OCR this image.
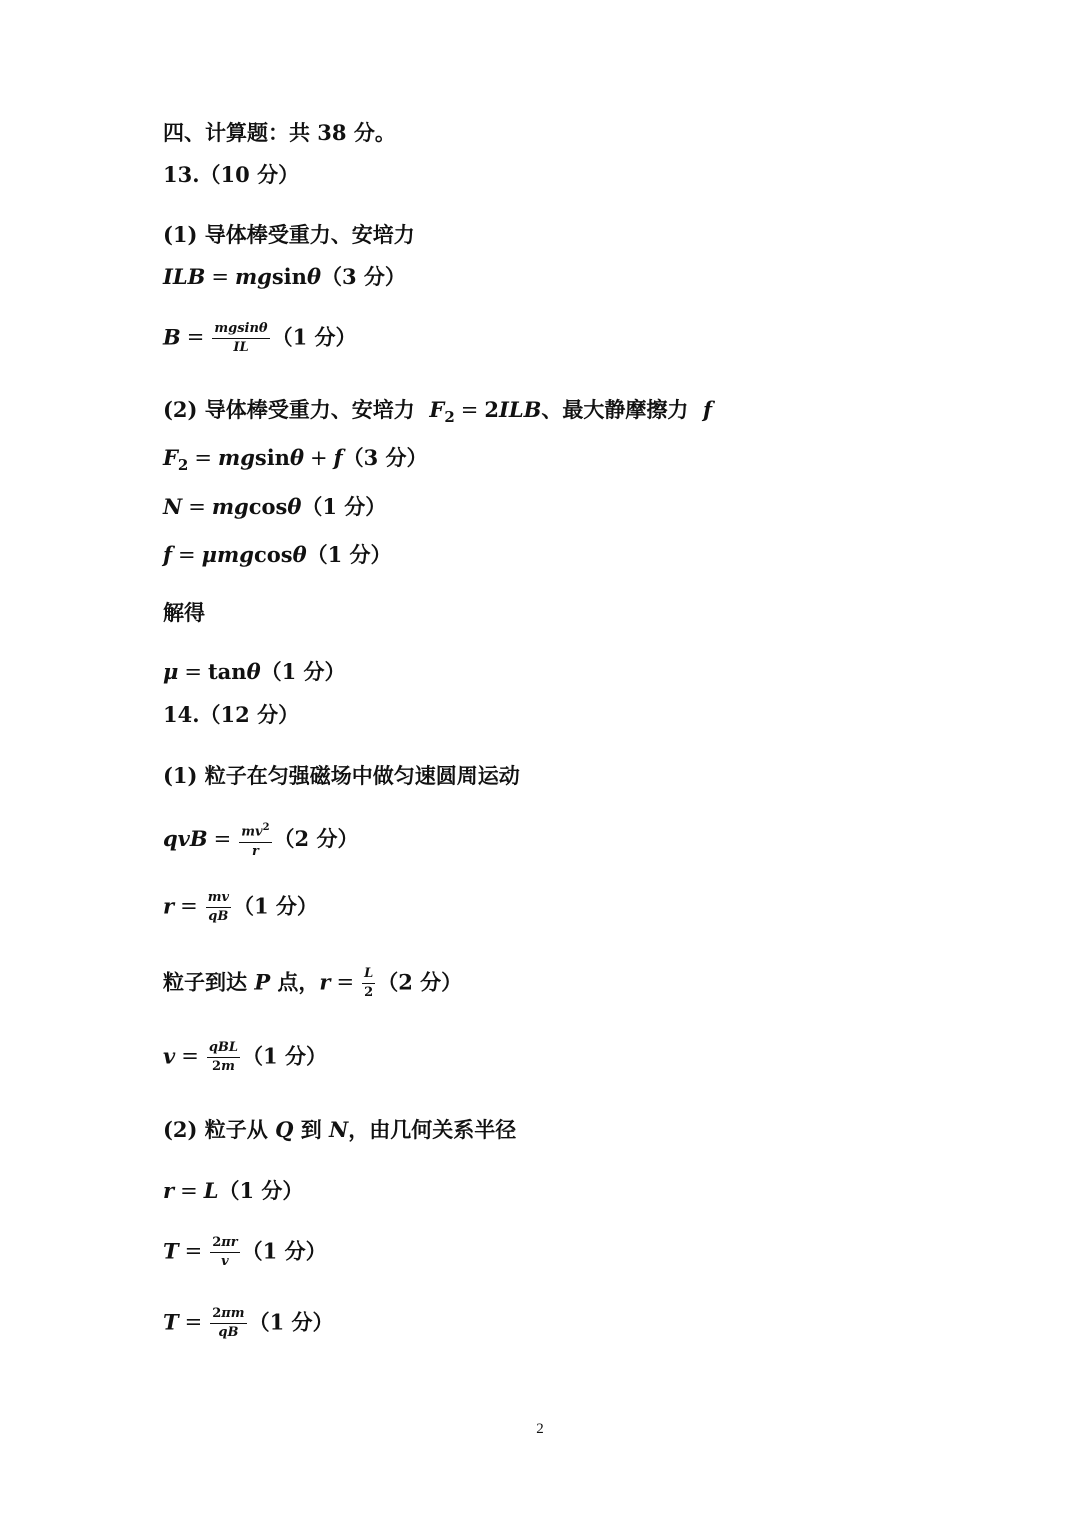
四、计算题：共 38 分。
13.（10 分）
(1) 导体棒受重力、安培力
ILB = mgsinθ（3 分）
$B = \frac{mgsin\theta}{IL} (1$ 分）
(2) 导体棒受重力、安培力 $F_2 = 2ILB$、最大静摩擦力 f
$F_2 = mgsin\theta + f(3$ 分）
N = mgcosθ（1 分）
f = μmgcosθ（1 分）
解得
μ = tanθ（1 分）
14.（12 分）
(1) 粒子在匀强磁场中做匀速圆周运动
qvB = $\frac{mv^2}{r} (2$ 分）
$r = \frac{mv}{qB} (1$ 分）
粒子到达 P 点，$r = \frac{L}{2} (2$ 分）
$v = \frac{\text{qBL}}{2m} (1$ 分）
(2) 粒子从 Q 到 N，由几何关系半径
r = L（1 分）
$T = \frac{2\pi r}{v} (1$ 分）
$T = \frac{2\pi m}{qB} (1$ 分）
2
